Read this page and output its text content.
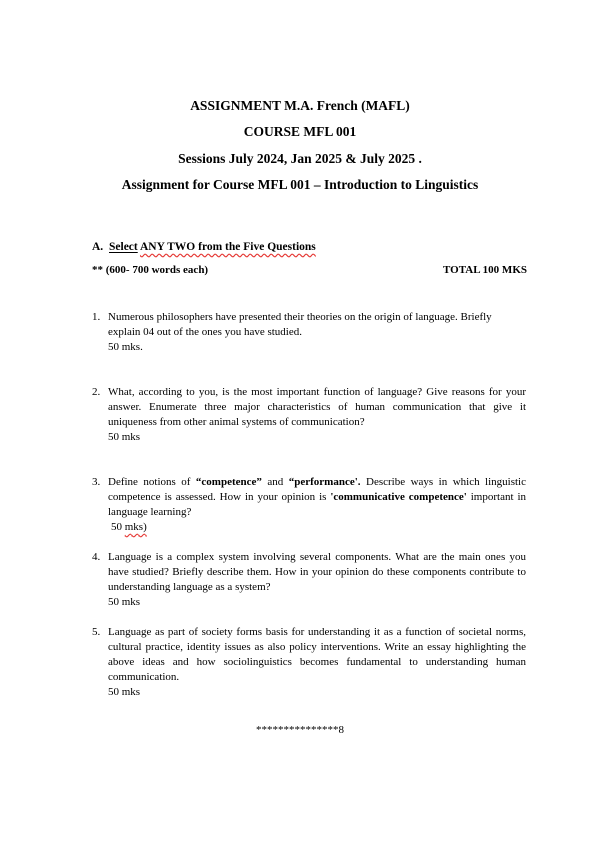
ASSIGNMENT M.A. French (MAFL)
COURSE MFL 001
Sessions July 2024, Jan 2025 & July 2025 .
Assignment for Course MFL 001 – Introduction to Linguistics
A. Select ANY TWO from the Five Questions
** (600- 700 words each)	TOTAL 100 MKS
1. Numerous philosophers have presented their theories on the origin of language. Briefly explain 04 out of the ones you have studied.
50 mks.
2. What, according to you, is the most important function of language? Give reasons for your answer. Enumerate three major characteristics of human communication that give it uniqueness from other animal systems of communication?
50 mks
3. Define notions of “competence” and “performance'. Describe ways in which linguistic competence is assessed. How in your opinion is 'communicative competence' important in language learning?
50 mks)
4. Language is a complex system involving several components. What are the main ones you have studied? Briefly describe them. How in your opinion do these components contribute to understanding language as a system?
50 mks
5. Language as part of society forms basis for understanding it as a function of societal norms, cultural practice, identity issues as also policy interventions. Write an essay highlighting the above ideas and how sociolinguistics becomes fundamental to understanding human communication.
50 mks
***************8
